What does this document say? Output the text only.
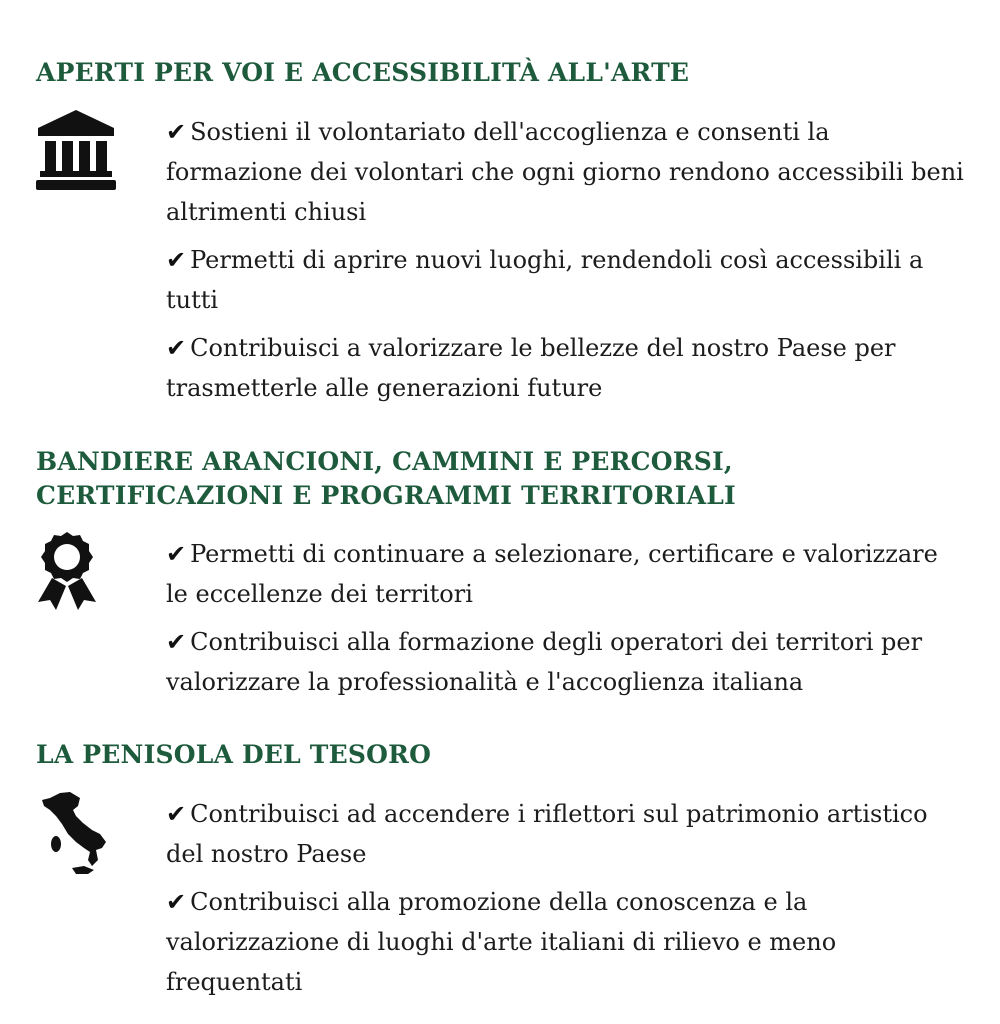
APERTI PER VOI E ACCESSIBILITÀ ALL'ARTE
✔ Sostieni il volontariato dell'accoglienza e consenti la formazione dei volontari che ogni giorno rendono accessibili beni altrimenti chiusi
✔ Permetti di aprire nuovi luoghi, rendendoli così accessibili a tutti
✔ Contribuisci a valorizzare le bellezze del nostro Paese per trasmetterle alle generazioni future
BANDIERE ARANCIONI, CAMMINI E PERCORSI, CERTIFICAZIONI E PROGRAMMI TERRITORIALI
✔ Permetti di continuare a selezionare, certificare e valorizzare le eccellenze dei territori
✔ Contribuisci alla formazione degli operatori dei territori per valorizzare la professionalità e l'accoglienza italiana
LA PENISOLA DEL TESORO
✔ Contribuisci ad accendere i riflettori sul patrimonio artistico del nostro Paese
✔ Contribuisci alla promozione della conoscenza e la valorizzazione di luoghi d'arte italiani di rilievo e meno frequentati
